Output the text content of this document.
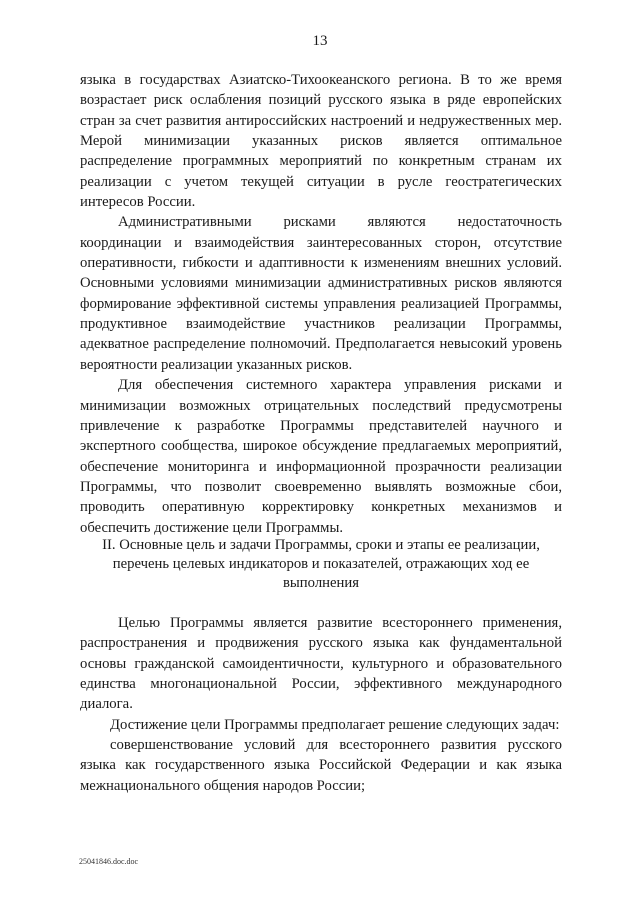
13

языка в государствах Азиатско-Тихоокеанского региона. В то же время возрастает риск ослабления позиций русского языка в ряде европейских стран за счет развития антироссийских настроений и недружественных мер. Мерой минимизации указанных рисков является оптимальное распределение программных мероприятий по конкретным странам их реализации с учетом текущей ситуации в русле геостратегических интересов России.

Административными рисками являются недостаточность координации и взаимодействия заинтересованных сторон, отсутствие оперативности, гибкости и адаптивности к изменениям внешних условий. Основными условиями минимизации административных рисков являются формирование эффективной системы управления реализацией Программы, продуктивное взаимодействие участников реализации Программы, адекватное распределение полномочий. Предполагается невысокий уровень вероятности реализации указанных рисков.

Для обеспечения системного характера управления рисками и минимизации возможных отрицательных последствий предусмотрены привлечение к разработке Программы представителей научного и экспертного сообщества, широкое обсуждение предлагаемых мероприятий, обеспечение мониторинга и информационной прозрачности реализации Программы, что позволит своевременно выявлять возможные сбои, проводить оперативную корректировку конкретных механизмов и обеспечить достижение цели Программы.

II. Основные цель и задачи Программы, сроки и этапы ее реализации,
перечень целевых индикаторов и показателей, отражающих ход ее
выполнения

Целью Программы является развитие всестороннего применения, распространения и продвижения русского языка как фундаментальной основы гражданской самоидентичности, культурного и образовательного единства многонациональной России, эффективного международного диалога.

Достижение цели Программы предполагает решение следующих задач:

совершенствование условий для всестороннего развития русского языка как государственного языка Российской Федерации и как языка межнационального общения народов России;

25041846.doc.doc
